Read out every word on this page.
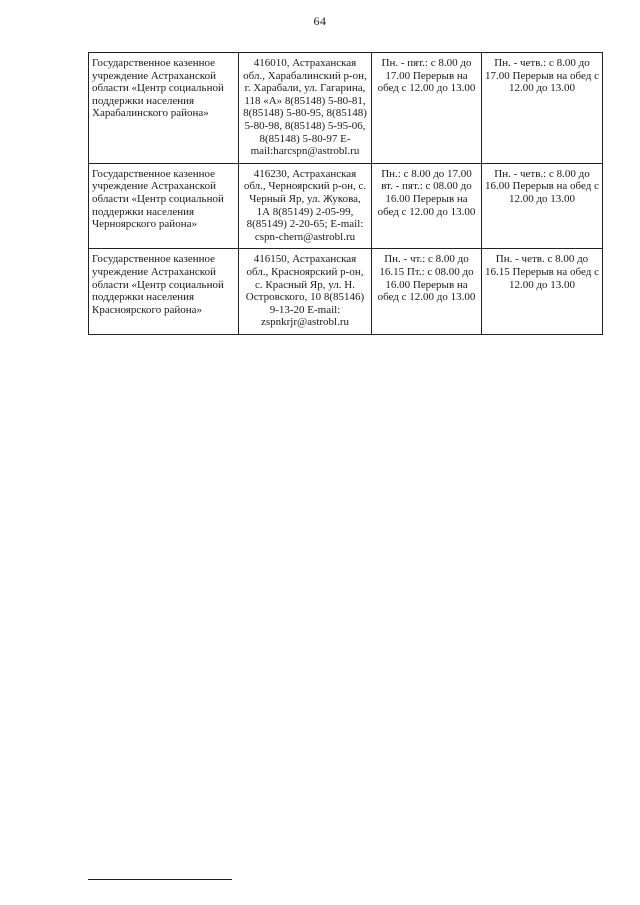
64
Государственное казенное учреждение Астраханской области «Центр социальной поддержки населения Харабалинского района»	416010, Астраханская обл., Харабалинский р-он, г. Харабали, ул. Гагарина, 118 «А» 8(85148) 5-80-81, 8(85148) 5-80-95, 8(85148) 5-80-98, 8(85148) 5-95-06, 8(85148) 5-80-97 E-mail:harcspn@astrobl.ru	Пн. - пят.: с 8.00 до 17.00 Перерыв на обед с 12.00 до 13.00	Пн. - четв.: с 8.00 до 17.00 Перерыв на обед с 12.00 до 13.00
Государственное казенное учреждение Астраханской области «Центр социальной поддержки населения Черноярского района»	416230, Астраханская обл., Черноярский р-он, с. Черный Яр, ул. Жукова, 1А 8(85149) 2-05-99, 8(85149) 2-20-65; E-mail: cspn-chern@astrobl.ru	Пн.: с 8.00 до 17.00 вт. - пят.: с 08.00 до 16.00 Перерыв на обед с 12.00 до 13.00	Пн. - четв.: с 8.00 до 16.00 Перерыв на обед с 12.00 до 13.00
Государственное казенное учреждение Астраханской области «Центр социальной поддержки населения Красноярского района»	416150, Астраханская обл., Красноярский р-он, с. Красный Яр, ул. Н. Островского, 10 8(85146) 9-13-20 E-mail: zspnkrjr@astrobl.ru	Пн. - чт.: с 8.00 до 16.15 Пт.: с 08.00 до 16.00 Перерыв на обед с 12.00 до 13.00	Пн. - четв. с 8.00 до 16.15 Перерыв на обед с 12.00 до 13.00
